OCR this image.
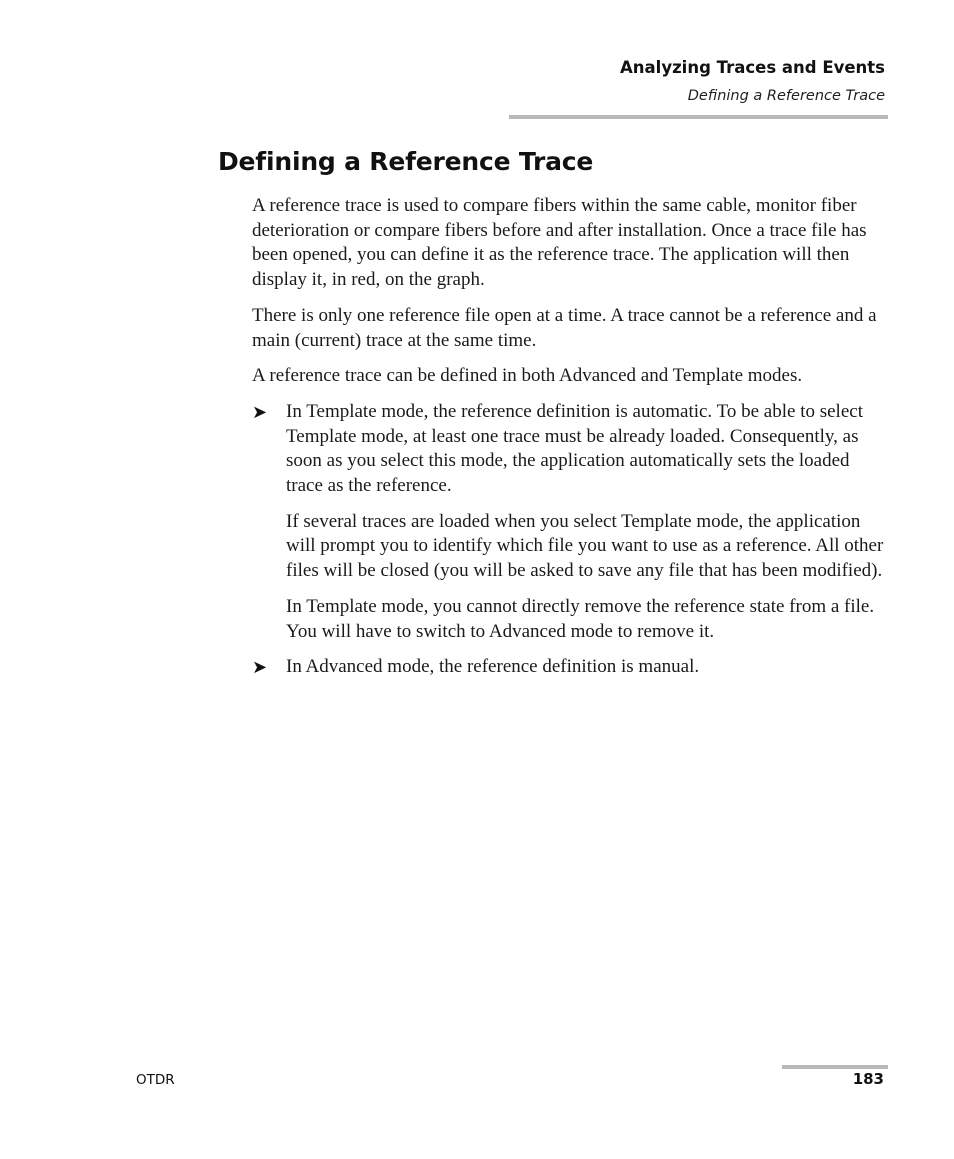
Analyzing Traces and Events
Defining a Reference Trace
Defining a Reference Trace

A reference trace is used to compare fibers within the same cable, monitor fiber deterioration or compare fibers before and after installation. Once a trace file has been opened, you can define it as the reference trace. The application will then display it, in red, on the graph.

There is only one reference file open at a time. A trace cannot be a reference and a main (current) trace at the same time.

A reference trace can be defined in both Advanced and Template modes.

➤ In Template mode, the reference definition is automatic. To be able to select Template mode, at least one trace must be already loaded. Consequently, as soon as you select this mode, the application automatically sets the loaded trace as the reference.

If several traces are loaded when you select Template mode, the application will prompt you to identify which file you want to use as a reference. All other files will be closed (you will be asked to save any file that has been modified).

In Template mode, you cannot directly remove the reference state from a file. You will have to switch to Advanced mode to remove it.

➤ In Advanced mode, the reference definition is manual.

OTDR	183
